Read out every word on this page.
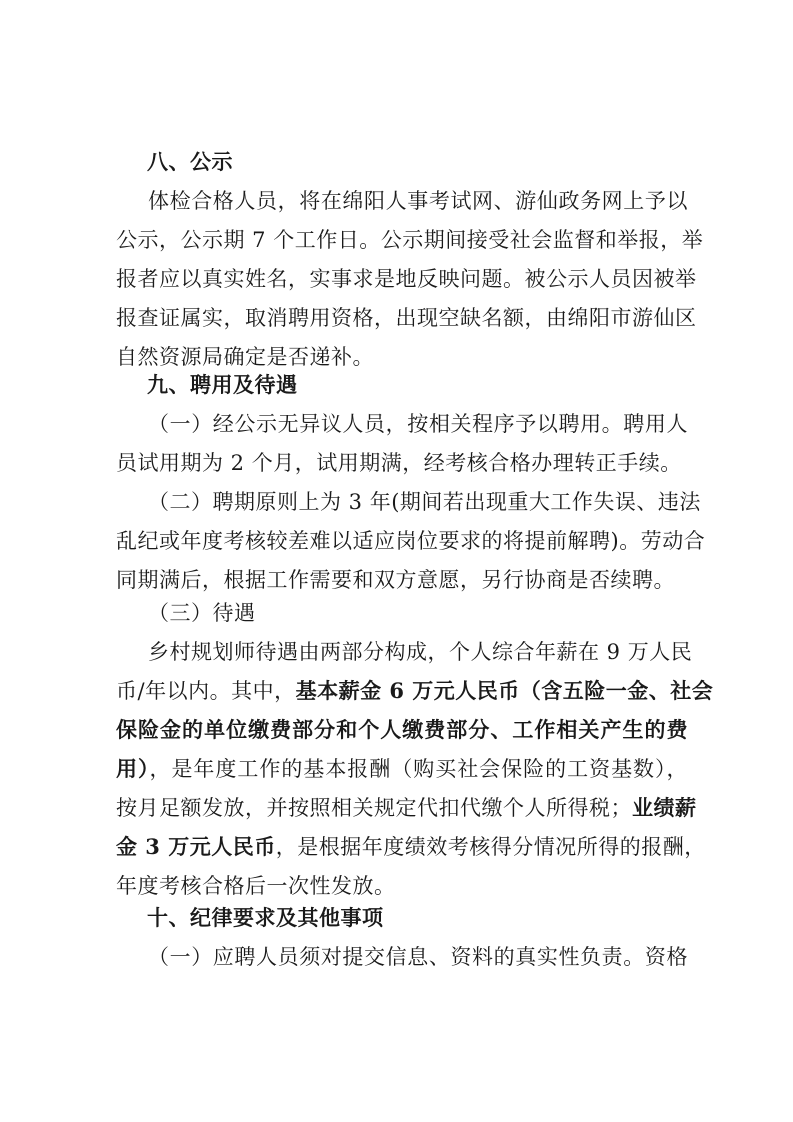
八、公示
体检合格人员，将在绵阳人事考试网、游仙政务网上予以
公示，公示期 7 个工作日。公示期间接受社会监督和举报，举
报者应以真实姓名，实事求是地反映问题。被公示人员因被举
报查证属实，取消聘用资格，出现空缺名额，由绵阳市游仙区
自然资源局确定是否递补。
九、聘用及待遇
（一）经公示无异议人员，按相关程序予以聘用。聘用人
员试用期为 2 个月，试用期满，经考核合格办理转正手续。
（二）聘期原则上为 3 年(期间若出现重大工作失误、违法
乱纪或年度考核较差难以适应岗位要求的将提前解聘)。劳动合
同期满后，根据工作需要和双方意愿，另行协商是否续聘。
（三）待遇
乡村规划师待遇由两部分构成，个人综合年薪在 9 万人民
币/年以内。其中，基本薪金 6 万元人民币（含五险一金、社会
保险金的单位缴费部分和个人缴费部分、工作相关产生的费
用），是年度工作的基本报酬（购买社会保险的工资基数），
按月足额发放，并按照相关规定代扣代缴个人所得税；业绩薪
金 3 万元人民币，是根据年度绩效考核得分情况所得的报酬，
年度考核合格后一次性发放。
十、纪律要求及其他事项
（一）应聘人员须对提交信息、资料的真实性负责。资格
